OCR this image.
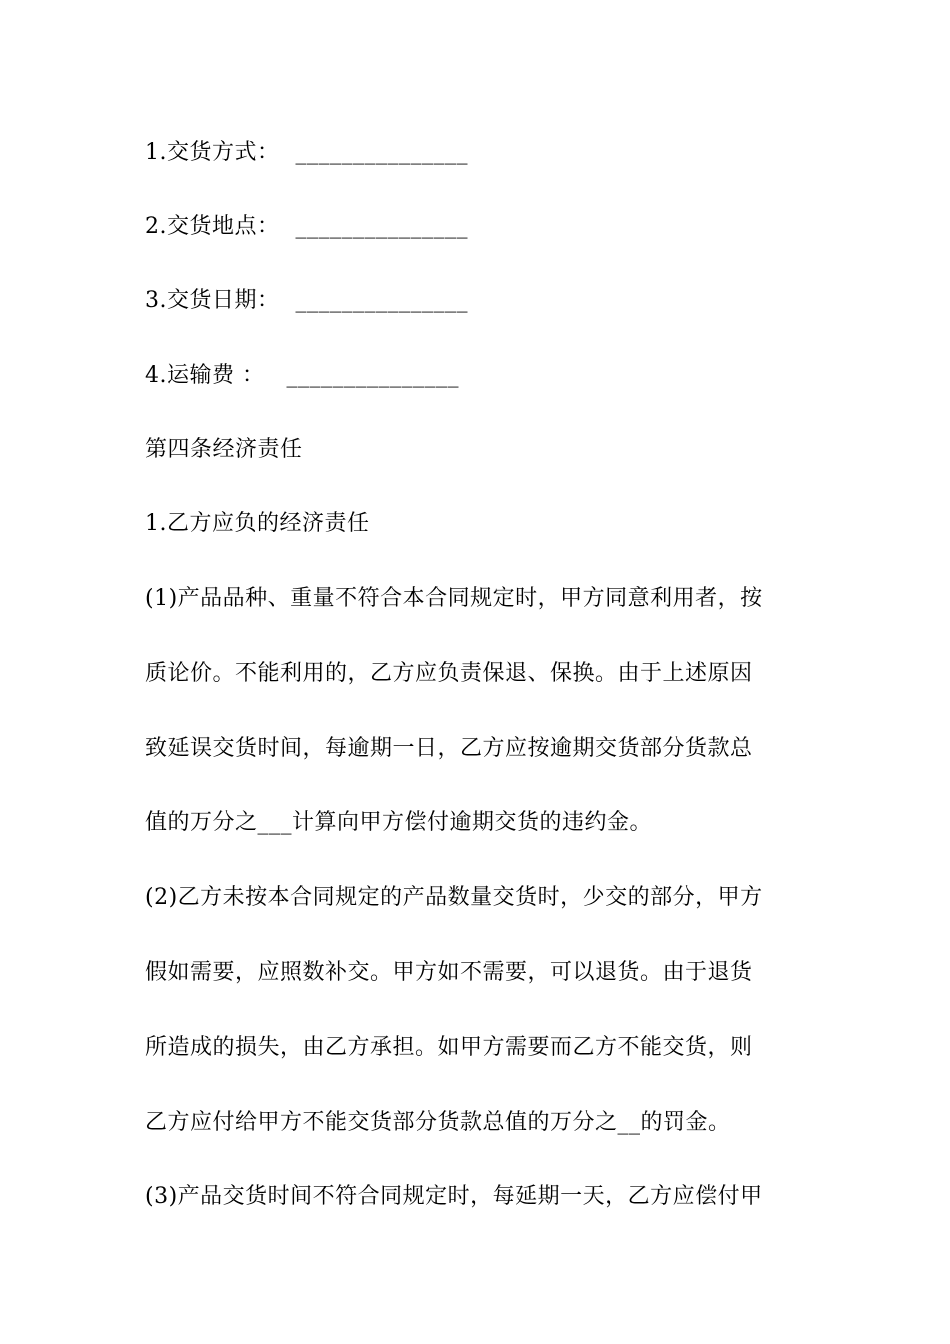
1.交货方式： _______________
2.交货地点： _______________
3.交货日期： _______________
4.运输费 ： _______________
第四条经济责任
1.乙方应负的经济责任
(1)产品品种、重量不符合本合同规定时，甲方同意利用者，按
质论价。不能利用的，乙方应负责保退、保换。由于上述原因
致延误交货时间，每逾期一日，乙方应按逾期交货部分货款总
值的万分之___计算向甲方偿付逾期交货的违约金。
(2)乙方未按本合同规定的产品数量交货时，少交的部分，甲方
假如需要，应照数补交。甲方如不需要，可以退货。由于退货
所造成的损失，由乙方承担。如甲方需要而乙方不能交货，则
乙方应付给甲方不能交货部分货款总值的万分之__的罚金。
(3)产品交货时间不符合同规定时，每延期一天，乙方应偿付甲
